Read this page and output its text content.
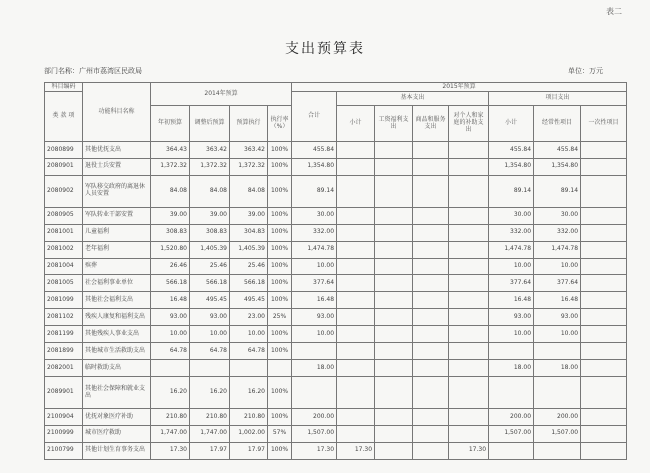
表二
支出预算表
部门名称：广州市荔湾区民政局	单位：万元
科目编码	功能科目名称	2014年预算				2015年预算							
类 款 项						合计	基本支出				项目支出		
		年初预算	调整后预算	预算执行	执行率（%）		小计	工资福利支出	商品和服务支出	对个人和家庭的补助支出	小计	经常性项目	一次性项目
2080899	其他优抚支出	364.43	363.42	363.42	100%	455.84					455.84	455.84	
2080901	退役士兵安置	1,372.32	1,372.32	1,372.32	100%	1,354.80					1,354.80	1,354.80	
2080902	军队移交政府的离退休人员安置	84.08	84.08	84.08	100%	89.14					89.14	89.14	
2080905	军队转业干部安置	39.00	39.00	39.00	100%	30.00					30.00	30.00	
2081001	儿童福利	308.83	308.83	304.83	100%	332.00					332.00	332.00	
2081002	老年福利	1,520.80	1,405.39	1,405.39	100%	1,474.78					1,474.78	1,474.78	
2081004	殡葬	26.46	25.46	25.46	100%	10.00					10.00	10.00	
2081005	社会福利事业单位	566.18	566.18	566.18	100%	377.64					377.64	377.64	
2081099	其他社会福利支出	16.48	495.45	495.45	100%	16.48					16.48	16.48	
2081102	残疾人康复和福利支出	93.00	93.00	23.00	25%	93.00					93.00	93.00	
2081199	其他残疾人事业支出	10.00	10.00	10.00	100%	10.00					10.00	10.00	
2081899	其他城市生活救助支出	64.78	64.78	64.78	100%								
2082001	临时救助支出					18.00					18.00	18.00	
2089901	其他社会保障和就业支出	16.20	16.20	16.20	100%								
2100904	优抚对象医疗补助	210.80	210.80	210.80	100%	200.00					200.00	200.00	
2100999	城市医疗救助	1,747.00	1,747.00	1,002.00	57%	1,507.00					1,507.00	1,507.00	
2100799	其他计划生育事务支出	17.30	17.97	17.97	100%	17.30	17.30			17.30			
